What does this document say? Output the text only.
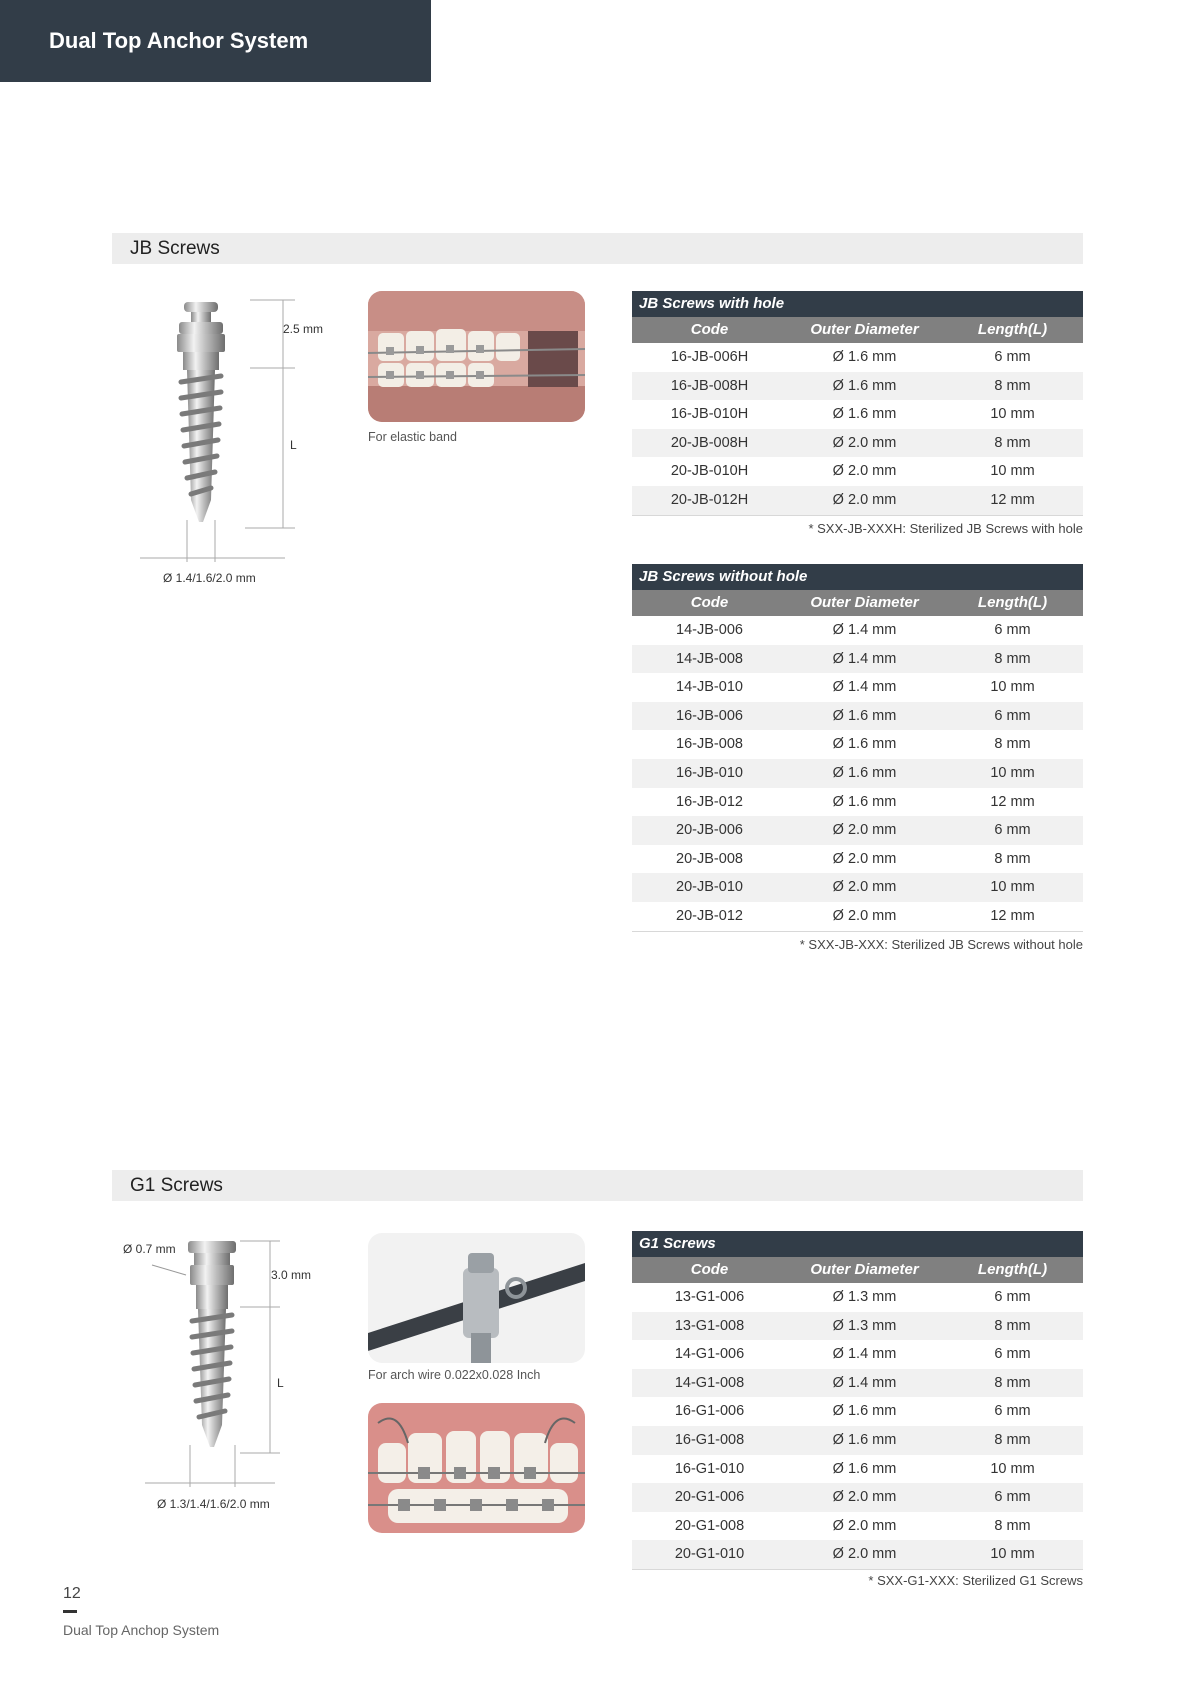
Dual Top Anchor System
JB Screws
2.5 mm
L
Ø 1.4/1.6/2.0 mm
For elastic band
JB Screws with hole
Code	Outer Diameter	Length(L)
16-JB-006H	Ø 1.6 mm	6 mm
16-JB-008H	Ø 1.6 mm	8 mm
16-JB-010H	Ø 1.6 mm	10 mm
20-JB-008H	Ø 2.0 mm	8 mm
20-JB-010H	Ø 2.0 mm	10 mm
20-JB-012H	Ø 2.0 mm	12 mm
* SXX-JB-XXXH: Sterilized JB Screws with hole
JB Screws without hole
Code	Outer Diameter	Length(L)
14-JB-006	Ø 1.4 mm	6 mm
14-JB-008	Ø 1.4 mm	8 mm
14-JB-010	Ø 1.4 mm	10 mm
16-JB-006	Ø 1.6 mm	6 mm
16-JB-008	Ø 1.6 mm	8 mm
16-JB-010	Ø 1.6 mm	10 mm
16-JB-012	Ø 1.6 mm	12 mm
20-JB-006	Ø 2.0 mm	6 mm
20-JB-008	Ø 2.0 mm	8 mm
20-JB-010	Ø 2.0 mm	10 mm
20-JB-012	Ø 2.0 mm	12 mm
* SXX-JB-XXX: Sterilized JB Screws without hole
G1 Screws
Ø 0.7 mm
3.0 mm
L
Ø 1.3/1.4/1.6/2.0 mm
For arch wire 0.022x0.028 Inch
G1 Screws
Code	Outer Diameter	Length(L)
13-G1-006	Ø 1.3 mm	6 mm
13-G1-008	Ø 1.3 mm	8 mm
14-G1-006	Ø 1.4 mm	6 mm
14-G1-008	Ø 1.4 mm	8 mm
16-G1-006	Ø 1.6 mm	6 mm
16-G1-008	Ø 1.6 mm	8 mm
16-G1-010	Ø 1.6 mm	10 mm
20-G1-006	Ø 2.0 mm	6 mm
20-G1-008	Ø 2.0 mm	8 mm
20-G1-010	Ø 2.0 mm	10 mm
* SXX-G1-XXX: Sterilized G1 Screws
12
Dual Top Anchop System
